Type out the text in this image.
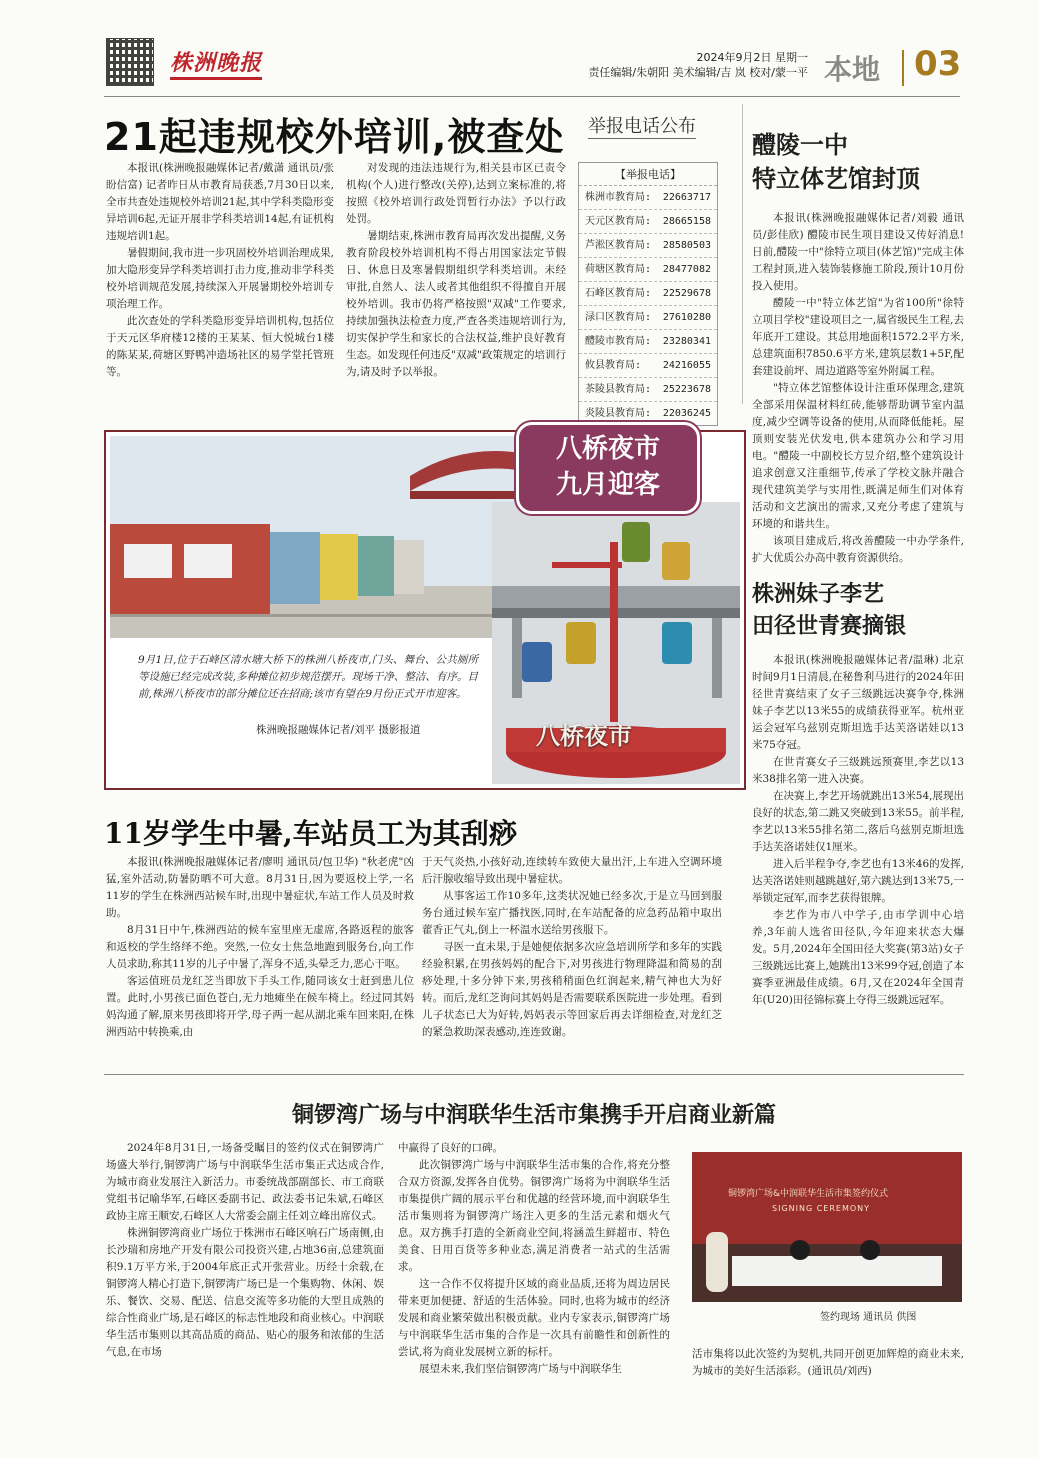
株洲晚报	2024年9月2日 星期一
责任编辑/朱朝阳 美术编辑/吉 岚 校对/蒙一平 本地 03
21起违规校外培训,被查处 举报电话公布

本报讯(株洲晚报融媒体记者/戴潇 通讯员/张盼信富) 记者昨日从市教育局获悉,7月30日以来,全市共查处违规校外培训21起,其中学科类隐形变异培训6起,无证开展非学科类培训14起,有证机构违规培训1起。

暑假期间,我市进一步巩固校外培训治理成果,加大隐形变异学科类培训打击力度,推动非学科类校外培训规范发展,持续深入开展暑期校外培训专项治理工作。

此次查处的学科类隐形变异培训机构,包括位于天元区华府楼12楼的王某某、恒大悦城台1楼的陈某某,荷塘区野鸭冲造场社区的易学堂托管班等。

对发现的违法违规行为,相关县市区已责令机构(个人)进行整改(关停),达到立案标准的,将按照《校外培训行政处罚暂行办法》予以行政处罚。

暑期结束,株洲市教育局再次发出提醒,义务教育阶段校外培训机构不得占用国家法定节假日、休息日及寒暑假期组织学科类培训。未经审批,自然人、法人或者其他组织不得擅自开展校外培训。我市仍将严格按照"双减"工作要求,持续加强执法检查力度,严查各类违规培训行为,切实保护学生和家长的合法权益,维护良好教育生态。如发现任何违反"双减"政策规定的培训行为,请及时予以举报。

【举报电话】
株洲市教育局: 22663717
天元区教育局: 28665158
芦淞区教育局: 28580503
荷塘区教育局: 28477082
石峰区教育局: 22529678
渌口区教育局: 27610280
醴陵市教育局: 23280341
攸县教育局: 24216055
茶陵县教育局: 25223678
炎陵县教育局: 22036245
八桥夜市
八桥夜市
九月迎客
9月1日,位于石峰区清水塘大桥下的株洲八桥夜市,门头、舞台、公共厕所等设施已经完成改装,多种摊位初步规范摆开。现场干净、整洁、有序。目前,株洲八桥夜市的部分摊位还在招商;该市有望在9月份正式开市迎客。
株洲晚报融媒体记者/刘平 摄影报道
11岁学生中暑,车站员工为其刮痧

本报讯(株洲晚报融媒体记者/廖明 通讯员/包卫华) "秋老虎"凶猛,室外活动,防暑防晒不可大意。8月31日,因为要返校上学,一名11岁的学生在株洲西站候车时,出现中暑症状,车站工作人员及时救助。

8月31日中午,株洲西站的候车室里座无虚席,各路返程的旅客和返校的学生络绎不绝。突然,一位女士焦急地跑到服务台,向工作人员求助,称其11岁的儿子中暑了,浑身不适,头晕乏力,恶心干呕。

客运值班员龙红芝当即放下手头工作,随同该女士赶到患儿位置。此时,小男孩已面色苍白,无力地瘫坐在候车椅上。经过同其妈妈沟通了解,原来男孩即将开学,母子两一起从湖北乘车回来阳,在株洲西站中转换乘,由

于天气炎热,小孩好动,连续转车致使大量出汗,上车进入空调环境后汗腺收缩导致出现中暑症状。

从事客运工作10多年,这类状况她已经多次,于是立马回到服务台通过候车室广播找医,同时,在车站配备的应急药品箱中取出藿香正气丸,倒上一杯温水送给男孩服下。

寻医一直未果,于是她便依据多次应急培训所学和多年的实践经验积累,在男孩妈妈的配合下,对男孩进行物理降温和简易的刮痧处理,十多分钟下来,男孩稍稍面色红润起来,精气神也大为好转。而后,龙红芝询问其妈妈是否需要联系医院进一步处理。看到儿子状态已大为好转,妈妈表示等回家后再去详细检查,对龙红芝的紧急救助深表感动,连连致谢。

醴陵一中
特立体艺馆封顶

本报讯(株洲晚报融媒体记者/刘毅 通讯员/彭佳欣) 醴陵市民生项目建设又传好消息!日前,醴陵一中"徐特立项目(体艺馆)"完成主体工程封顶,进入装饰装修施工阶段,预计10月份投入使用。

醴陵一中"特立体艺馆"为省100所"徐特立项目学校"建设项目之一,属省级民生工程,去年底开工建设。其总用地面积1572.2平方米,总建筑面积7850.6平方米,建筑层数1+5F,配套建设前坪、周边道路等室外附属工程。

"特立体艺馆整体设计注重环保理念,建筑全部采用保温材料红砖,能够帮助调节室内温度,减少空调等设备的使用,从而降低能耗。屋顶则安装光伏发电,供本建筑办公和学习用电。"醴陵一中副校长方昱介绍,整个建筑设计追求创意又注重细节,传承了学校文脉并融合现代建筑美学与实用性,既满足师生们对体育活动和文艺演出的需求,又充分考虑了建筑与环境的和谐共生。

该项目建成后,将改善醴陵一中办学条件,扩大优质公办高中教育资源供给。

株洲妹子李艺
田径世青赛摘银

本报讯(株洲晚报融媒体记者/温琳) 北京时间9月1日清晨,在秘鲁利马进行的2024年田径世青赛结束了女子三级跳远决赛争夺,株洲妹子李艺以13米55的成绩获得亚军。杭州亚运会冠军乌兹别克斯坦选手达芙洛诺娃以13米75夺冠。

在世青赛女子三级跳远预赛里,李艺以13米38排名第一进入决赛。

在决赛上,李艺开场就跳出13米54,展现出良好的状态,第二跳又突破到13米55。前半程,李艺以13米55排名第二,落后乌兹别克斯坦选手达芙洛诺娃仅1厘米。

进入后半程争夺,李艺也有13米46的发挥,达芙洛诺娃则越跳越好,第六跳达到13米75,一举锁定冠军,而李艺获得银牌。

李艺作为市八中学子,由市学训中心培养,3年前人选省田径队,今年迎来状态大爆发。5月,2024年全国田径大奖赛(第3站)女子三级跳远比赛上,她跳出13米99夺冠,创造了本赛季亚洲最佳成绩。6月,又在2024年全国青年(U20)田径锦标赛上夺得三级跳远冠军。

铜锣湾广场与中润联华生活市集携手开启商业新篇

2024年8月31日,一场备受瞩目的签约仪式在铜锣湾广场盛大举行,铜锣湾广场与中润联华生活市集正式达成合作,为城市商业发展注入新活力。市委统战部副部长、市工商联党组书记喻华军,石峰区委副书记、政法委书记朱斌,石峰区政协主席王顺安,石峰区人大常委会副主任刘立峰出席仪式。

株洲铜锣湾商业广场位于株洲市石峰区响石广场南侧,由长沙瑞和房地产开发有限公司投资兴建,占地36亩,总建筑面积9.1万平方米,于2004年底正式开张营业。历经十余载,在铜锣湾人精心打造下,铜锣湾广场已是一个集购物、休闲、娱乐、餐饮、交易、配送、信息交流等多功能的大型且成熟的综合性商业广场,是石峰区的标志性地段和商业核心。中润联华生活市集则以其高品质的商品、贴心的服务和浓郁的生活气息,在市场

中赢得了良好的口碑。

此次铜锣湾广场与中润联华生活市集的合作,将充分整合双方资源,发挥各自优势。铜锣湾广场将为中润联华生活市集提供广阔的展示平台和优越的经营环境,而中润联华生活市集则将为铜锣湾广场注入更多的生活元素和烟火气息。双方携手打造的全新商业空间,将涵盖生鲜超市、特色美食、日用百货等多种业态,满足消费者一站式的生活需求。

这一合作不仅将提升区域的商业品质,还将为周边居民带来更加便捷、舒适的生活体验。同时,也将为城市的经济发展和商业繁荣做出积极贡献。业内专家表示,铜锣湾广场与中润联华生活市集的合作是一次具有前瞻性和创新性的尝试,将为商业发展树立新的标杆。

展望未来,我们坚信铜锣湾广场与中润联华生

铜锣湾广场&中润联华生活市集签约仪式
SIGNING CEREMONY
签约现场 通讯员 供图
活市集将以此次签约为契机,共同开创更加辉煌的商业未来,为城市的美好生活添彩。(通讯员/刘西)
